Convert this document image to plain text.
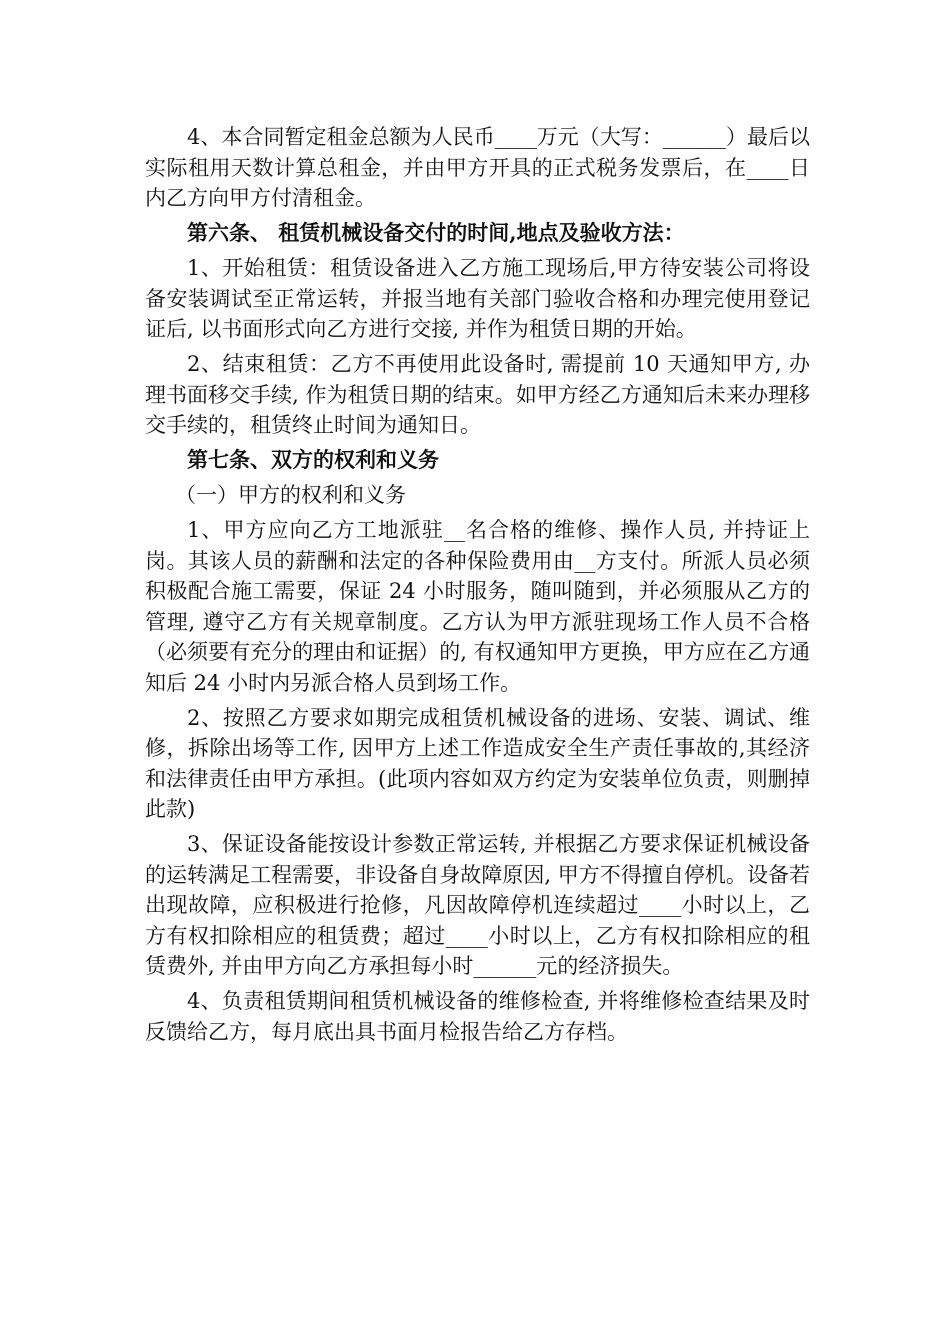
4、本合同暂定租金总额为人民币____万元（大写：______）最后以实际租用天数计算总租金，并由甲方开具的正式税务发票后，在____日内乙方向甲方付清租金。

第六条、 租赁机械设备交付的时间,地点及验收方法：

1、开始租赁：租赁设备进入乙方施工现场后,甲方待安装公司将设备安装调试至正常运转，并报当地有关部门验收合格和办理完使用登记证后, 以书面形式向乙方进行交接, 并作为租赁日期的开始。

2、结束租赁：乙方不再使用此设备时, 需提前 10 天通知甲方, 办理书面移交手续, 作为租赁日期的结束。如甲方经乙方通知后未来办理移交手续的，租赁终止时间为通知日。

第七条、双方的权利和义务

（一）甲方的权利和义务

1、甲方应向乙方工地派驻__名合格的维修、操作人员, 并持证上岗。其该人员的薪酬和法定的各种保险费用由__方支付。所派人员必须积极配合施工需要，保证 24 小时服务，随叫随到，并必须服从乙方的管理, 遵守乙方有关规章制度。乙方认为甲方派驻现场工作人员不合格（必须要有充分的理由和证据）的, 有权通知甲方更换，甲方应在乙方通知后 24 小时内另派合格人员到场工作。

2、按照乙方要求如期完成租赁机械设备的进场、安装、调试、维修，拆除出场等工作, 因甲方上述工作造成安全生产责任事故的,其经济和法律责任由甲方承担。(此项内容如双方约定为安装单位负责，则删掉此款)

3、保证设备能按设计参数正常运转, 并根据乙方要求保证机械设备的运转满足工程需要，非设备自身故障原因, 甲方不得擅自停机。设备若出现故障，应积极进行抢修，凡因故障停机连续超过____小时以上，乙方有权扣除相应的租赁费；超过____小时以上，乙方有权扣除相应的租赁费外, 并由甲方向乙方承担每小时______元的经济损失。

4、负责租赁期间租赁机械设备的维修检查, 并将维修检查结果及时反馈给乙方，每月底出具书面月检报告给乙方存档。
